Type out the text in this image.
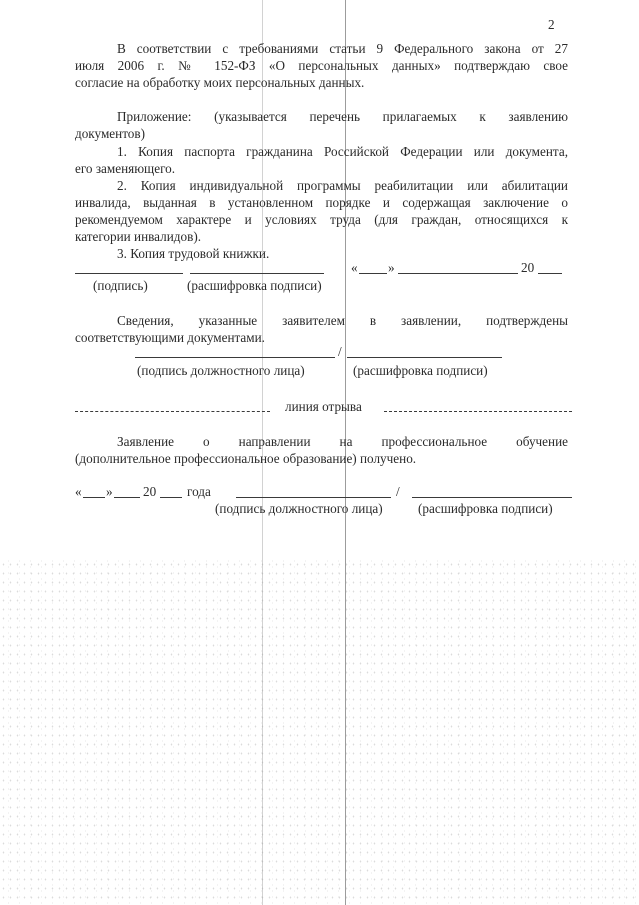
2
В соответствии с требованиями статьи 9 Федерального закона от 27
июля 2006 г. № 152-ФЗ «О персональных данных» подтверждаю свое
согласие на обработку моих персональных данных.
Приложение: (указывается перечень прилагаемых к заявлению
документов)
1. Копия паспорта гражданина Российской Федерации или документа,
его заменяющего.
2. Копия индивидуальной программы реабилитации или абилитации
инвалида, выданная в установленном порядке и содержащая заключение о
рекомендуемом характере и условиях труда (для граждан, относящихся к
категории инвалидов).
3. Копия трудовой книжки.
« »	20
(подпись)	(расшифровка подписи)
Сведения, указанные заявителем в заявлении, подтверждены
соответствующими документами.
/
(подпись должностного лица)	(расшифровка подписи)
линия отрыва
Заявление о направлении на профессиональное обучение
(дополнительное профессиональное образование) получено.
« » 20 года	/
(подпись должностного лица)	(расшифровка подписи)
